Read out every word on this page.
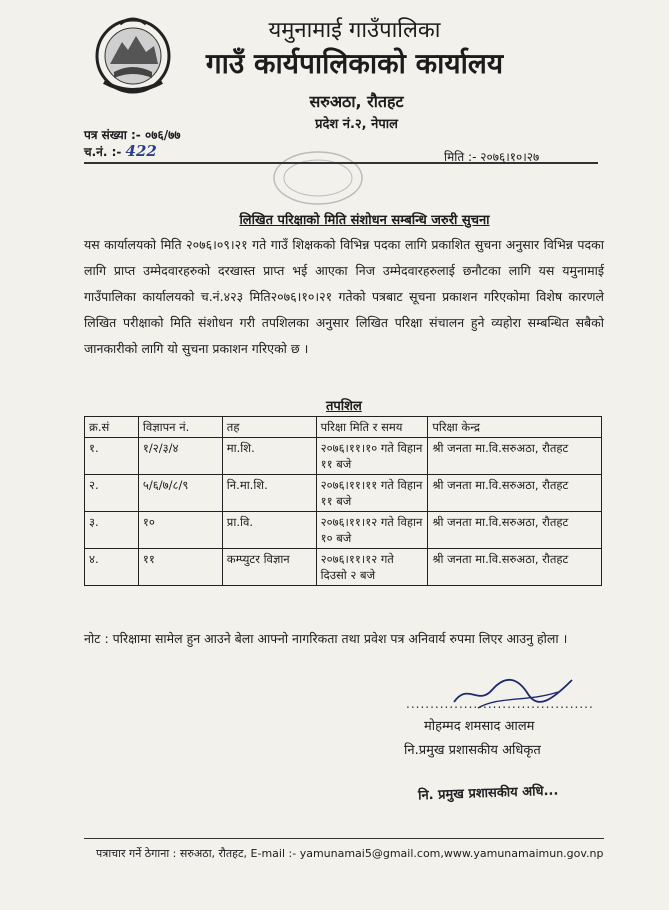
यमुनामाई गाउँपालिका
गाउँ कार्यपालिकाको कार्यालय
सरुअठा, रौतहट
प्रदेश नं.२, नेपाल
पत्र संख्या :- ०७६/७७
च.नं. :- 422	मिति :- २०७६।१०।२७
लिखित परिक्षाको मिति संशोधन सम्बन्धि जरुरी सुचना
यस कार्यालयको मिति २०७६।०९।२१ गते गाउँ शिक्षकको विभिन्न पदका लागि प्रकाशित सुचना अनुसार विभिन्न पदका लागि प्राप्त उम्मेदवारहरुको दरखास्त प्राप्त भई आएका निज उम्मेदवारहरुलाई छनौटका लागि यस यमुनामाई गाउँपालिका कार्यालयको च.नं.४२३ मिति२०७६।१०।२१ गतेको पत्रबाट सूचना प्रकाशन गरिएकोमा विशेष कारणले लिखित परीक्षाको मिति संशोधन गरी तपशिलका अनुसार लिखित परिक्षा संचालन हुने व्यहोरा सम्बन्धित सबैको जानकारीको लागि यो सुचना प्रकाशन गरिएको छ ।
तपशिल
क्र.सं	विज्ञापन नं.	तह	परिक्षा मिति र समय	परिक्षा केन्द्र
१.	१/२/३/४	मा.शि.	२०७६।११।१० गते विहान ११ बजे	श्री जनता मा.वि.सरुअठा, रौतहट
२.	५/६/७/८/९	नि.मा.शि.	२०७६।११।११ गते विहान ११ बजे	श्री जनता मा.वि.सरुअठा, रौतहट
३.	१०	प्रा.वि.	२०७६।११।१२ गते विहान १० बजे	श्री जनता मा.वि.सरुअठा, रौतहट
४.	११	कम्प्युटर विज्ञान	२०७६।११।१२ गते दिउसो २ बजे	श्री जनता मा.वि.सरुअठा, रौतहट
नोट : परिक्षामा सामेल हुन आउने बेला आफ्नो नागरिकता तथा प्रवेश पत्र अनिवार्य रुपमा लिएर आउनु होला ।
.......................................
मोहम्मद शमसाद आलम
नि.प्रमुख प्रशासकीय अधिकृत
नि. प्रमुख प्रशासकीय अधि...
पत्राचार गर्ने ठेगाना : सरुअठा, रौतहट, E-mail :- yamunamai5@gmail.com,www.yamunamaimun.gov.np
